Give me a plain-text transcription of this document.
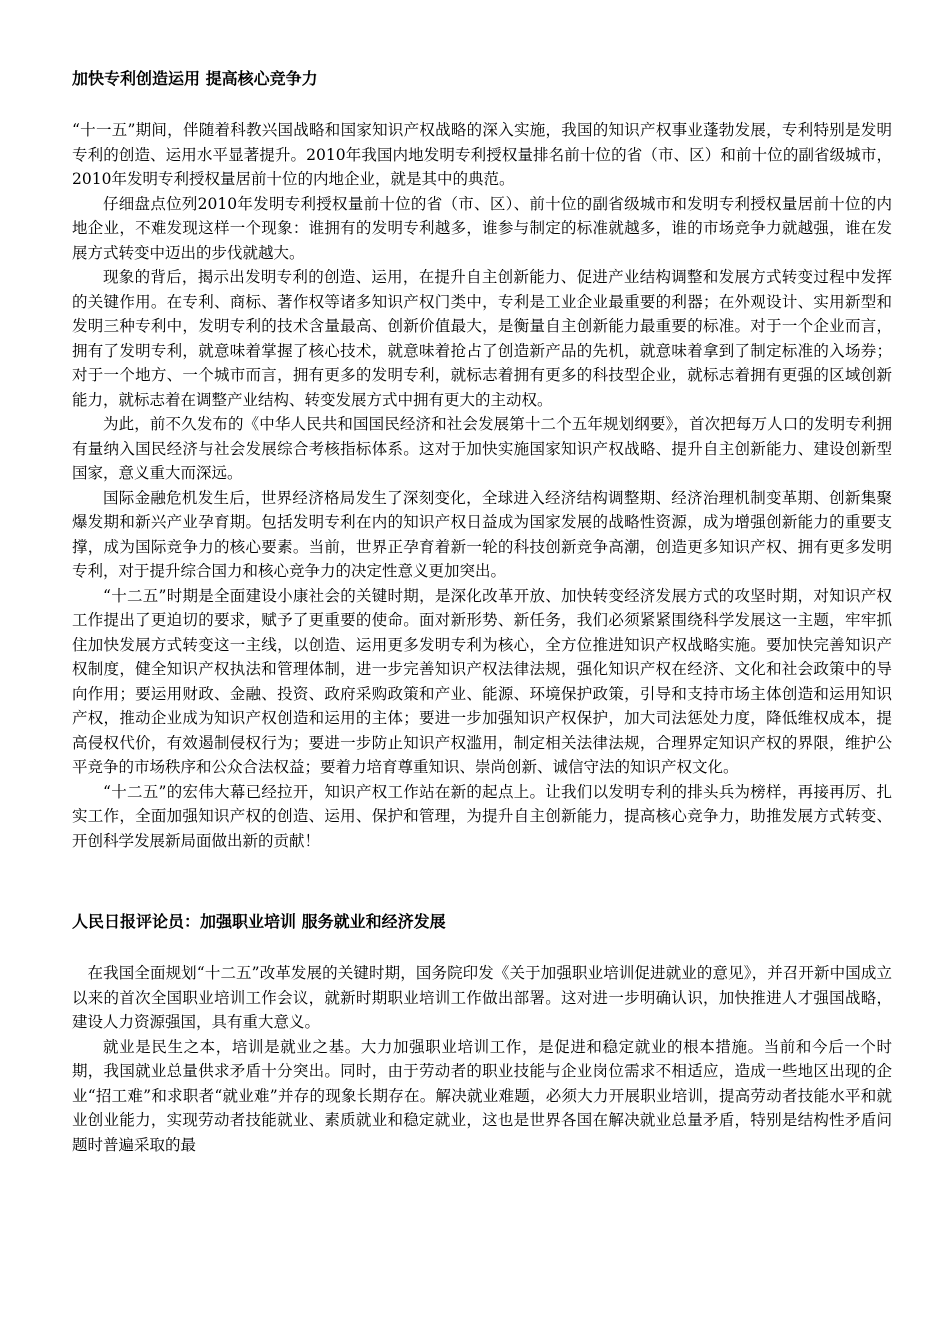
加快专利创造运用 提高核心竞争力

“十一五”期间，伴随着科教兴国战略和国家知识产权战略的深入实施，我国的知识产权事业蓬勃发展，专利特别是发明专利的创造、运用水平显著提升。2010年我国内地发明专利授权量排名前十位的省（市、区）和前十位的副省级城市，2010年发明专利授权量居前十位的内地企业，就是其中的典范。

仔细盘点位列2010年发明专利授权量前十位的省（市、区）、前十位的副省级城市和发明专利授权量居前十位的内地企业，不难发现这样一个现象：谁拥有的发明专利越多，谁参与制定的标准就越多，谁的市场竞争力就越强，谁在发展方式转变中迈出的步伐就越大。

现象的背后，揭示出发明专利的创造、运用，在提升自主创新能力、促进产业结构调整和发展方式转变过程中发挥的关键作用。在专利、商标、著作权等诸多知识产权门类中，专利是工业企业最重要的利器；在外观设计、实用新型和发明三种专利中，发明专利的技术含量最高、创新价值最大，是衡量自主创新能力最重要的标准。对于一个企业而言，拥有了发明专利，就意味着掌握了核心技术，就意味着抢占了创造新产品的先机，就意味着拿到了制定标准的入场券；对于一个地方、一个城市而言，拥有更多的发明专利，就标志着拥有更多的科技型企业，就标志着拥有更强的区域创新能力，就标志着在调整产业结构、转变发展方式中拥有更大的主动权。

为此，前不久发布的《中华人民共和国国民经济和社会发展第十二个五年规划纲要》，首次把每万人口的发明专利拥有量纳入国民经济与社会发展综合考核指标体系。这对于加快实施国家知识产权战略、提升自主创新能力、建设创新型国家，意义重大而深远。

国际金融危机发生后，世界经济格局发生了深刻变化，全球进入经济结构调整期、经济治理机制变革期、创新集聚爆发期和新兴产业孕育期。包括发明专利在内的知识产权日益成为国家发展的战略性资源，成为增强创新能力的重要支撑，成为国际竞争力的核心要素。当前，世界正孕育着新一轮的科技创新竞争高潮，创造更多知识产权、拥有更多发明专利，对于提升综合国力和核心竞争力的决定性意义更加突出。

“十二五”时期是全面建设小康社会的关键时期，是深化改革开放、加快转变经济发展方式的攻坚时期，对知识产权工作提出了更迫切的要求，赋予了更重要的使命。面对新形势、新任务，我们必须紧紧围绕科学发展这一主题，牢牢抓住加快发展方式转变这一主线，以创造、运用更多发明专利为核心，全方位推进知识产权战略实施。要加快完善知识产权制度，健全知识产权执法和管理体制，进一步完善知识产权法律法规，强化知识产权在经济、文化和社会政策中的导向作用；要运用财政、金融、投资、政府采购政策和产业、能源、环境保护政策，引导和支持市场主体创造和运用知识产权，推动企业成为知识产权创造和运用的主体；要进一步加强知识产权保护，加大司法惩处力度，降低维权成本，提高侵权代价，有效遏制侵权行为；要进一步防止知识产权滥用，制定相关法律法规，合理界定知识产权的界限，维护公平竞争的市场秩序和公众合法权益；要着力培育尊重知识、崇尚创新、诚信守法的知识产权文化。

“十二五”的宏伟大幕已经拉开，知识产权工作站在新的起点上。让我们以发明专利的排头兵为榜样，再接再厉、扎实工作，全面加强知识产权的创造、运用、保护和管理，为提升自主创新能力，提高核心竞争力，助推发展方式转变、开创科学发展新局面做出新的贡献！

人民日报评论员：加强职业培训 服务就业和经济发展

在我国全面规划“十二五”改革发展的关键时期，国务院印发《关于加强职业培训促进就业的意见》，并召开新中国成立以来的首次全国职业培训工作会议，就新时期职业培训工作做出部署。这对进一步明确认识，加快推进人才强国战略，建设人力资源强国，具有重大意义。

就业是民生之本，培训是就业之基。大力加强职业培训工作，是促进和稳定就业的根本措施。当前和今后一个时期，我国就业总量供求矛盾十分突出。同时，由于劳动者的职业技能与企业岗位需求不相适应，造成一些地区出现的企业“招工难”和求职者“就业难”并存的现象长期存在。解决就业难题，必须大力开展职业培训，提高劳动者技能水平和就业创业能力，实现劳动者技能就业、素质就业和稳定就业，这也是世界各国在解决就业总量矛盾，特别是结构性矛盾问题时普遍采取的最
